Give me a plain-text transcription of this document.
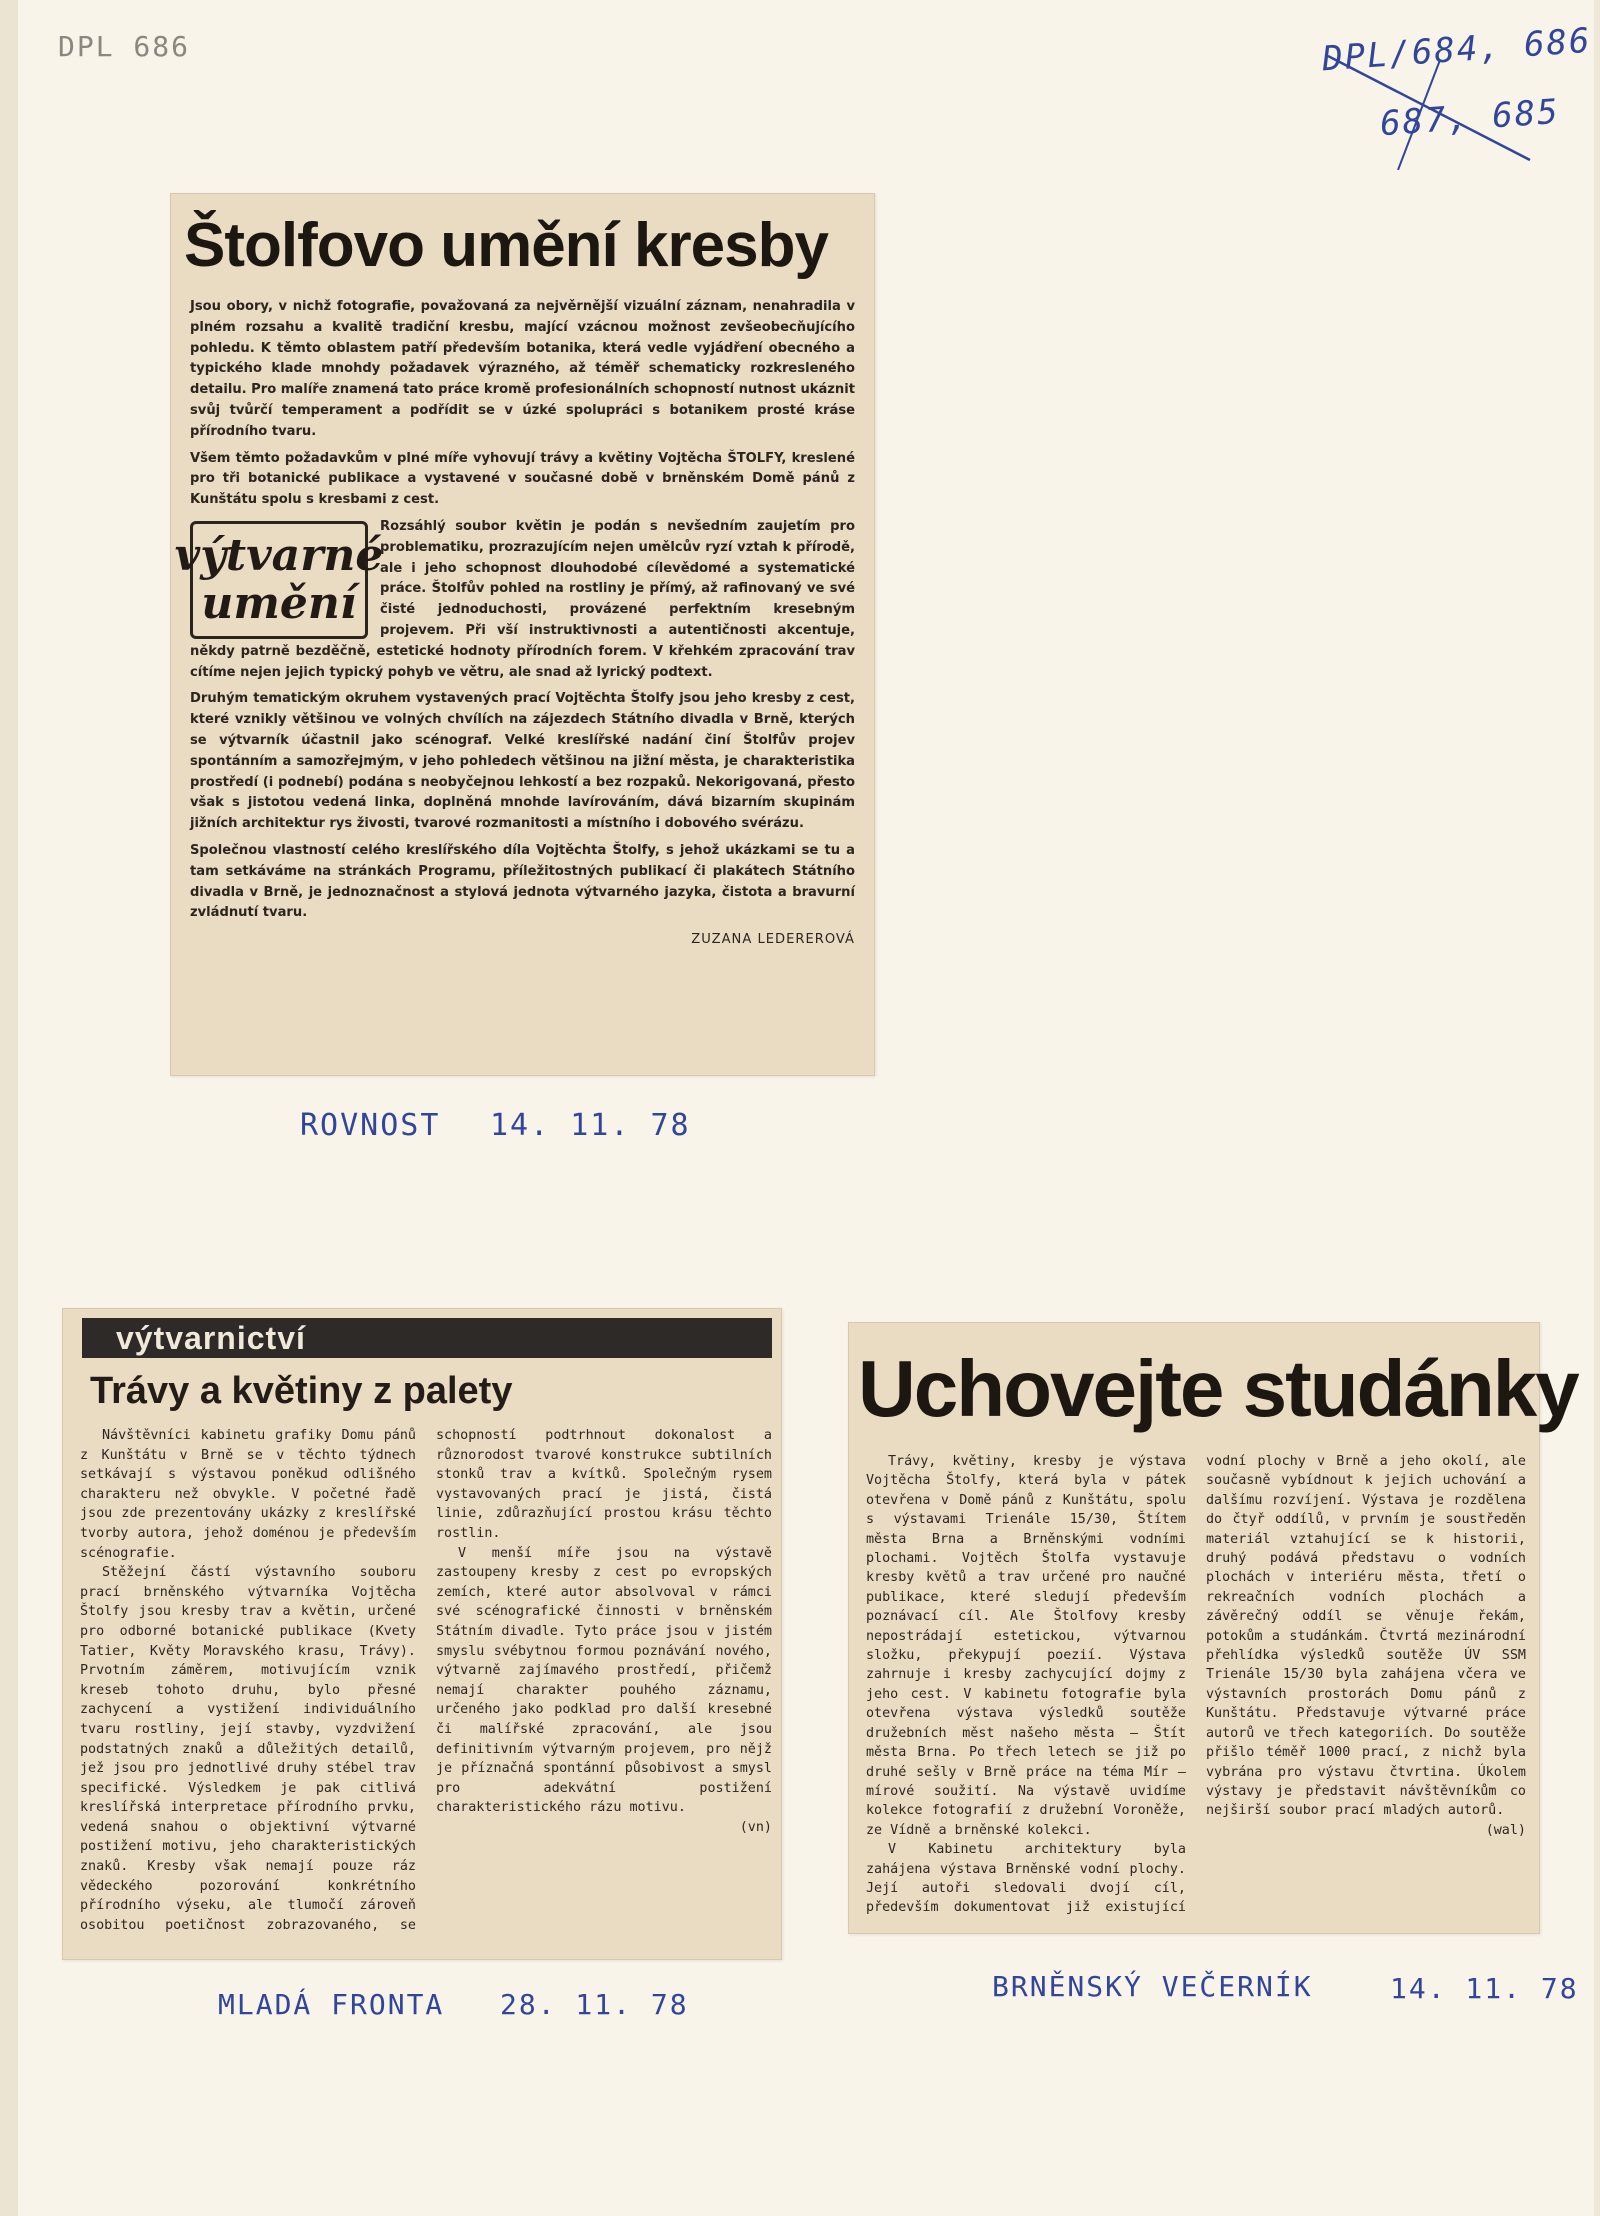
DPL 686	DPL/684, 686
687, 685
Štolfovo umění kresby

Jsou obory, v nichž fotografie, považovaná za nejvěrnější vizuální záznam, nenahradila v plném rozsahu a kvalitě tradiční kresbu, mající vzácnou možnost zevšeobecňujícího pohledu. K těmto oblastem patří především botanika, která vedle vyjádření obecného a typického klade mnohdy požadavek výrazného, až téměř schematicky rozkresleného detailu. Pro malíře znamená tato práce kromě profesionálních schopností nutnost ukáznit svůj tvůrčí temperament a podřídit se v úzké spolupráci s botanikem prosté kráse přírodního tvaru.

Všem těmto požadavkům v plné míře vyhovují trávy a květiny Vojtěcha ŠTOLFY, kreslené pro tři botanické publikace a vystavené v současné době v brněnském Domě pánů z Kunštátu spolu s kresbami z cest.

výtvarné
umění

Rozsáhlý soubor květin je podán s nevšedním zaujetím pro problematiku, prozrazujícím nejen umělcův ryzí vztah k přírodě, ale i jeho schopnost dlouhodobé cílevědomé a systematické práce. Štolfův pohled na rostliny je přímý, až rafinovaný ve své čisté jednoduchosti, provázené perfektním kresebným projevem. Při vší instruktivnosti a autentičnosti akcentuje, někdy patrně bezděčně, estetické hodnoty přírodních forem. V křehkém zpracování trav cítíme nejen jejich typický pohyb ve větru, ale snad až lyrický podtext.

Druhým tematickým okruhem vystavených prací Vojtěchta Štolfy jsou jeho kresby z cest, které vznikly většinou ve volných chvílích na zájezdech Státního divadla v Brně, kterých se výtvarník účastnil jako scénograf. Velké kreslířské nadání činí Štolfův projev spontánním a samozřejmým, v jeho pohledech většinou na jižní města, je charakteristika prostředí (i podnebí) podána s neobyčejnou lehkostí a bez rozpaků. Nekorigovaná, přesto však s jistotou vedená linka, doplněná mnohde lavírováním, dává bizarním skupinám jižních architektur rys živosti, tvarové rozmanitosti a místního i dobového svérázu.

Společnou vlastností celého kreslířského díla Vojtěchta Štolfy, s jehož ukázkami se tu a tam setkáváme na stránkách Programu, příležitostných publikací či plakátech Státního divadla v Brně, je jednoznačnost a stylová jednota výtvarného jazyka, čistota a bravurní zvládnutí tvaru.

ZUZANA LEDEREROVÁ
ROVNOST 14. 11. 78
výtvarnictví
Trávy a květiny z palety

Návštěvníci kabinetu grafiky Domu pánů z Kunštátu v Brně se v těchto týdnech setkávají s výstavou poněkud odlišného charakteru než obvykle. V početné řadě jsou zde prezentovány ukázky z kreslířské tvorby autora, jehož doménou je především scénografie.

Stěžejní částí výstavního souboru prací brněnského výtvarníka Vojtěcha Štolfy jsou kresby trav a květin, určené pro odborné botanické publikace (Kvety Tatier, Květy Moravského krasu, Trávy). Prvotním záměrem, motivujícím vznik kreseb tohoto druhu, bylo přesné zachycení a vystižení individuálního tvaru rostliny, její stavby, vyzdvižení podstatných znaků a důležitých detailů, jež jsou pro jednotlivé druhy stébel trav specifické. Výsledkem je pak citlivá kreslířská interpretace přírodního prvku, vedená snahou o objektivní výtvarné postižení motivu, jeho charakteristických znaků. Kresby však nemají pouze ráz vědeckého pozorování konkrétního přírodního výseku, ale tlumočí zároveň osobitou poetičnost zobrazovaného, se schopností podtrhnout dokonalost a různorodost tvarové konstrukce subtilních stonků trav a kvítků. Společným rysem vystavovaných prací je jistá, čistá linie, zdůrazňující prostou krásu těchto rostlin.

V menší míře jsou na výstavě zastoupeny kresby z cest po evropských zemích, které autor absolvoval v rámci své scénografické činnosti v brněnském Státním divadle. Tyto práce jsou v jistém smyslu svébytnou formou poznávání nového, výtvarně zajímavého prostředí, přičemž nemají charakter pouhého záznamu, určeného jako podklad pro další kresebné či malířské zpracování, ale jsou definitivním výtvarným projevem, pro nějž je příznačná spontánní působivost a smysl pro adekvátní postižení charakteristického rázu motivu.

(vn)
MLADÁ FRONTA 28. 11. 78
Uchovejte studánky

Trávy, květiny, kresby je výstava Vojtěcha Štolfy, která byla v pátek otevřena v Domě pánů z Kunštátu, spolu s výstavami Trienále 15/30, Štítem města Brna a Brněnskými vodními plochami. Vojtěch Štolfa vystavuje kresby květů a trav určené pro naučné publikace, které sledují především poznávací cíl. Ale Štolfovy kresby nepostrádají estetickou, výtvarnou složku, překypují poezií. Výstava zahrnuje i kresby zachycující dojmy z jeho cest. V kabinetu fotografie byla otevřena výstava výsledků soutěže družebních měst našeho města — Štít města Brna. Po třech letech se již po druhé sešly v Brně práce na téma Mír — mírové soužití. Na výstavě uvidíme kolekce fotografií z družební Voroněže, ze Vídně a brněnské kolekci.

V Kabinetu architektury byla zahájena výstava Brněnské vodní plochy. Její autoři sledovali dvojí cíl, především dokumentovat již existující vodní plochy v Brně a jeho okolí, ale současně vybídnout k jejich uchování a dalšímu rozvíjení. Výstava je rozdělena do čtyř oddílů, v prvním je soustředěn materiál vztahující se k historii, druhý podává představu o vodních plochách v interiéru města, třetí o rekreačních vodních plochách a závěrečný oddíl se věnuje řekám, potokům a studánkám. Čtvrtá mezinárodní přehlídka výsledků soutěže ÚV SSM Trienále 15/30 byla zahájena včera ve výstavních prostorách Domu pánů z Kunštátu. Představuje výtvarné práce autorů ve třech kategoriích. Do soutěže přišlo téměř 1000 prací, z nichž byla vybrána pro výstavu čtvrtina. Úkolem výstavy je představit návštěvníkům co nejširší soubor prací mladých autorů.

(wal)
BRNĚNSKÝ VEČERNÍK	14. 11. 78
